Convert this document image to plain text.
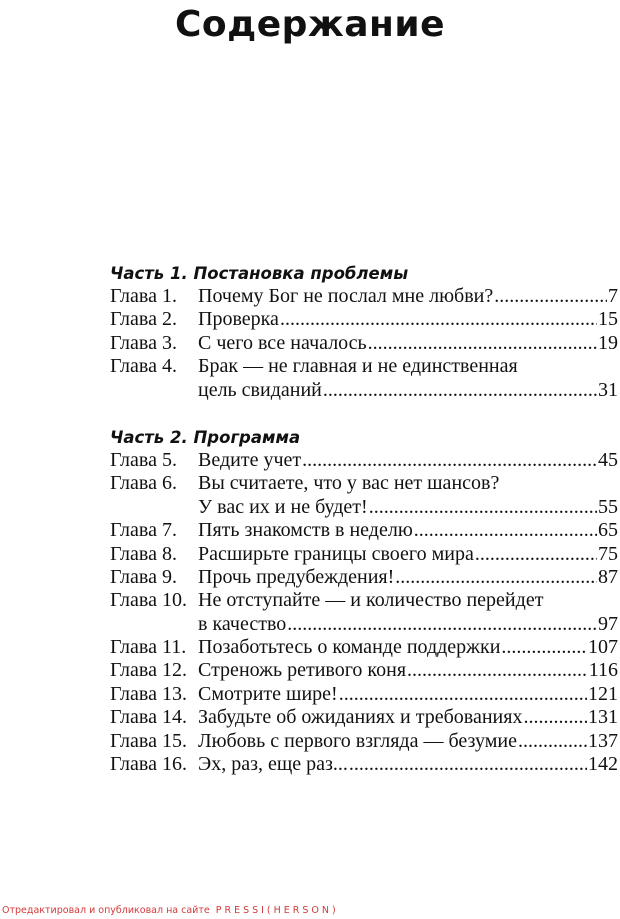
Содержание
Часть 1. Постановка проблемы
Глава 1.	Почему Бог не послал мне любви? .....	7
Глава 2.	Проверка .....	15
Глава 3.	С чего все началось .....	19
Глава 4.	Брак — не главная и не единственная
цель свиданий .....	31
Часть 2. Программа
Глава 5.	Ведите учет .....	45
Глава 6.	Вы считаете, что у вас нет шансов?
У вас их и не будет! .....	55
Глава 7.	Пять знакомств в неделю .....	65
Глава 8.	Расширьте границы своего мира .....	75
Глава 9.	Прочь предубеждения! .....	87
Глава 10. Не отступайте — и количество перейдет
в качество .....	97
Глава 11. Позаботьтесь о команде поддержки .....	107
Глава 12. Стреножь ретивого коня .....	116
Глава 13. Смотрите шире! .....	121
Глава 14. Забудьте об ожиданиях и требованиях .....	131
Глава 15. Любовь с первого взгляда — безумие .....	137
Глава 16. Эх, раз, еще раз... .....	142
Отредактировал и опубликовал на сайте PRESSI(HERSON)
